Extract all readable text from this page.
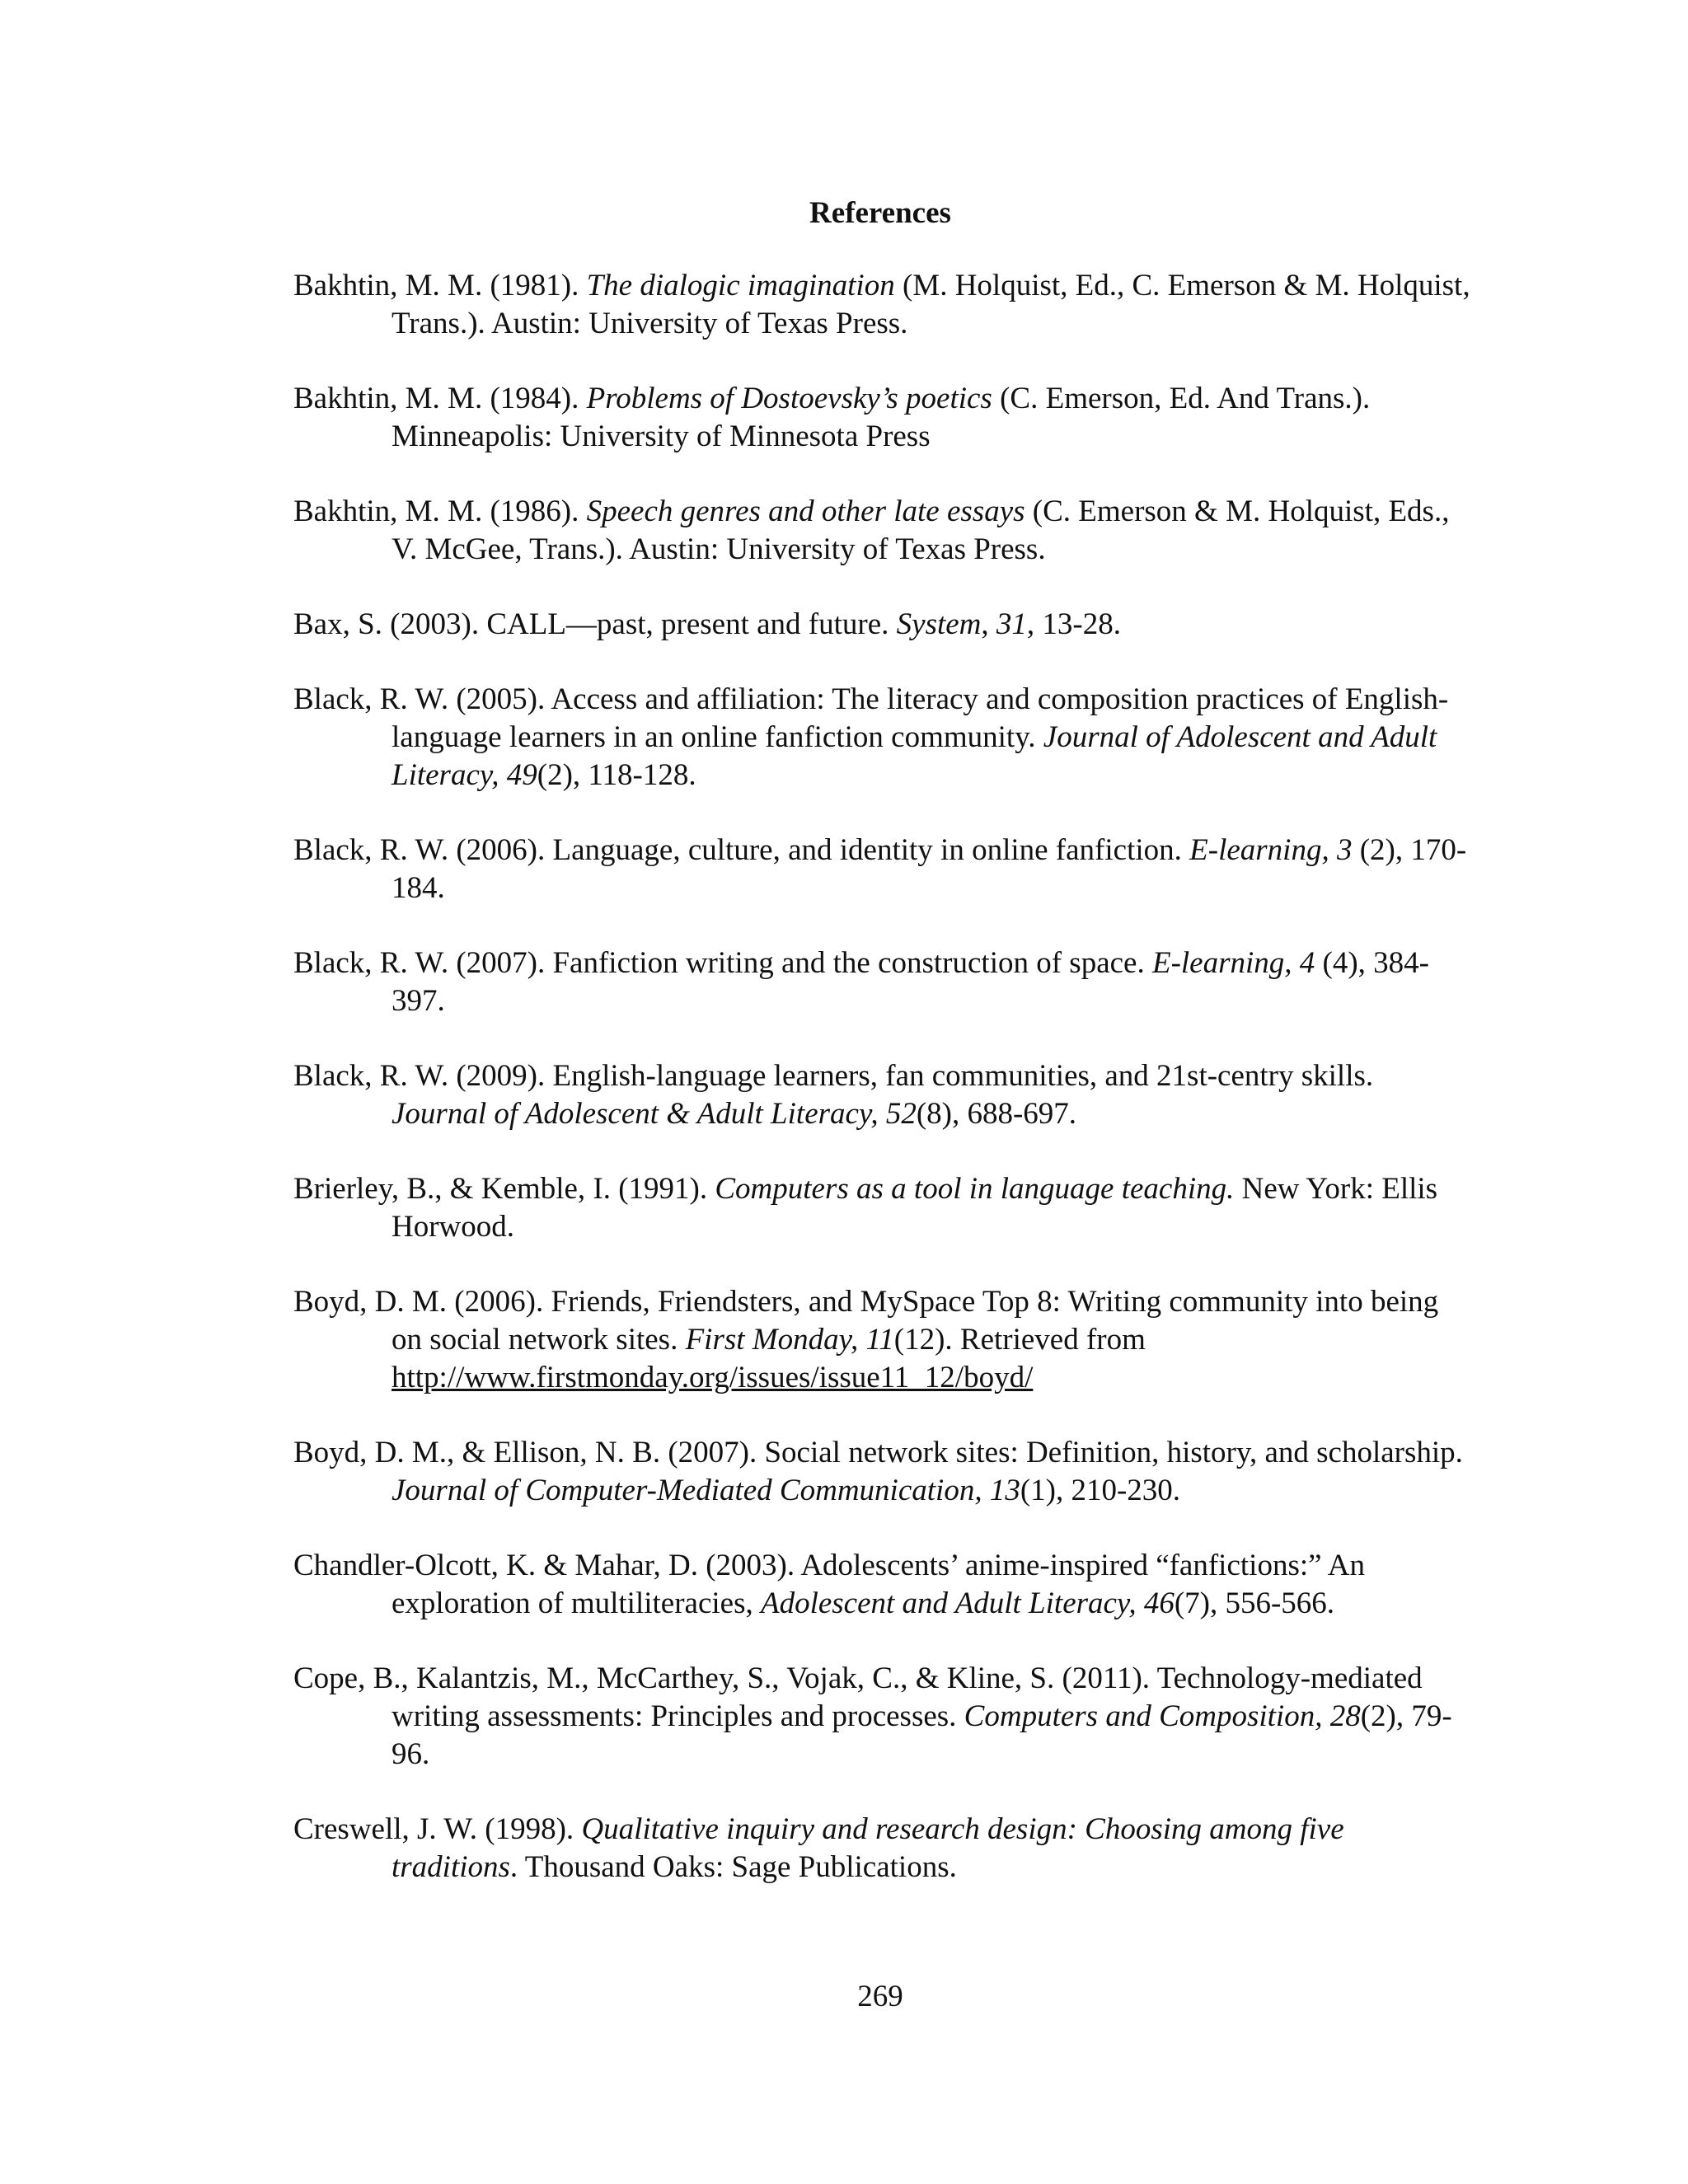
References

Bakhtin, M. M. (1981). The dialogic imagination (M. Holquist, Ed., C. Emerson & M. Holquist, Trans.). Austin: University of Texas Press.

Bakhtin, M. M. (1984). Problems of Dostoevsky’s poetics (C. Emerson, Ed. And Trans.). Minneapolis: University of Minnesota Press

Bakhtin, M. M. (1986). Speech genres and other late essays (C. Emerson & M. Holquist, Eds., V. McGee, Trans.). Austin: University of Texas Press.

Bax, S. (2003). CALL—past, present and future. System, 31, 13-28.

Black, R. W. (2005). Access and affiliation: The literacy and composition practices of English-language learners in an online fanfiction community. Journal of Adolescent and Adult Literacy, 49(2), 118-128.

Black, R. W. (2006). Language, culture, and identity in online fanfiction. E-learning, 3 (2), 170-184.

Black, R. W. (2007). Fanfiction writing and the construction of space. E-learning, 4 (4), 384-397.

Black, R. W. (2009). English-language learners, fan communities, and 21st-centry skills. Journal of Adolescent & Adult Literacy, 52(8), 688-697.

Brierley, B., & Kemble, I. (1991). Computers as a tool in language teaching. New York: Ellis Horwood.

Boyd, D. M. (2006). Friends, Friendsters, and MySpace Top 8: Writing community into being on social network sites. First Monday, 11(12). Retrieved from http://www.firstmonday.org/issues/issue11_12/boyd/

Boyd, D. M., & Ellison, N. B. (2007). Social network sites: Definition, history, and scholarship. Journal of Computer-Mediated Communication, 13(1), 210-230.

Chandler-Olcott, K. & Mahar, D. (2003). Adolescents’ anime-inspired “fanfictions:” An exploration of multiliteracies, Adolescent and Adult Literacy, 46(7), 556-566.

Cope, B., Kalantzis, M., McCarthey, S., Vojak, C., & Kline, S. (2011). Technology-mediated writing assessments: Principles and processes. Computers and Composition, 28(2), 79-96.

Creswell, J. W. (1998). Qualitative inquiry and research design: Choosing among five traditions. Thousand Oaks: Sage Publications.

269
